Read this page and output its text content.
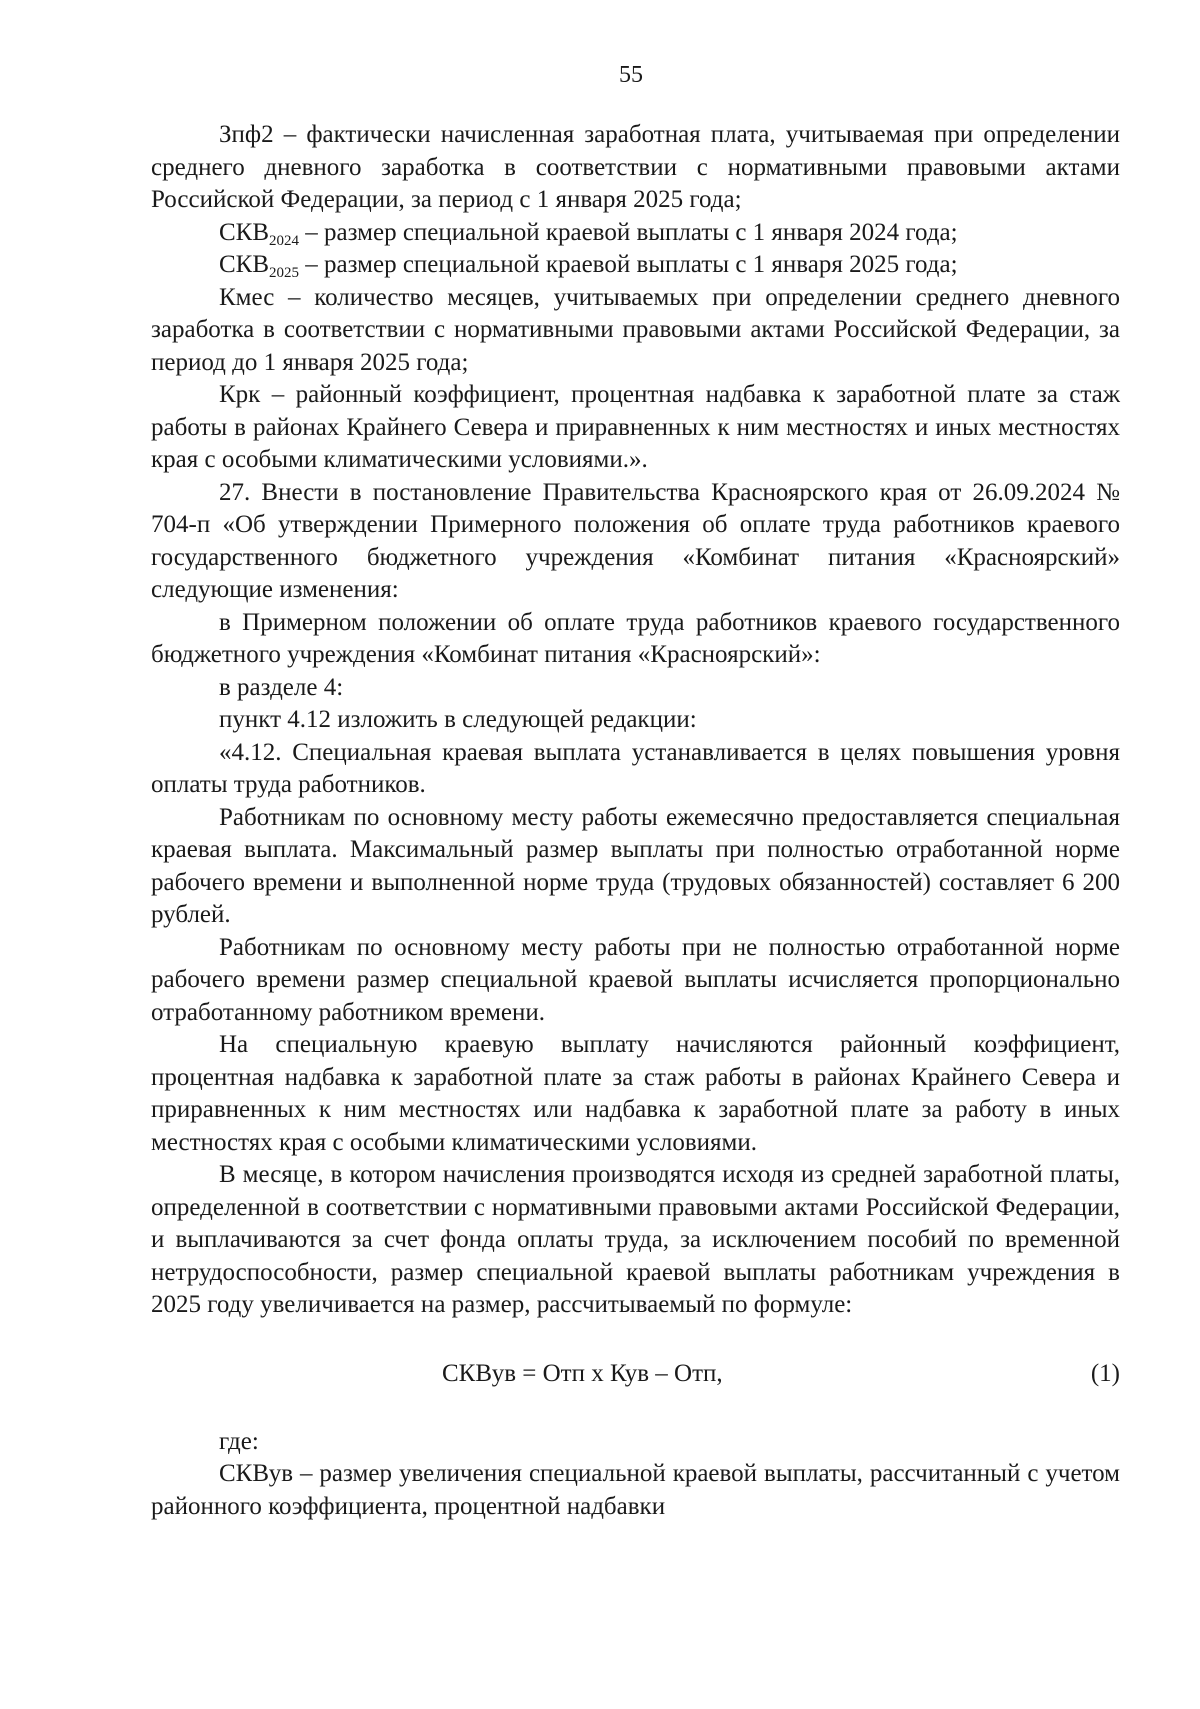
55

Зпф2 – фактически начисленная заработная плата, учитываемая при определении среднего дневного заработка в соответствии с нормативными правовыми актами Российской Федерации, за период с 1 января 2025 года;

$СКВ_{2024}$ – размер специальной краевой выплаты с 1 января 2024 года;

$СКВ_{2025}$ – размер специальной краевой выплаты с 1 января 2025 года;

Кмес – количество месяцев, учитываемых при определении среднего дневного заработка в соответствии с нормативными правовыми актами Российской Федерации, за период до 1 января 2025 года;

Крк – районный коэффициент, процентная надбавка к заработной плате за стаж работы в районах Крайнего Севера и приравненных к ним местностях и иных местностях края с особыми климатическими условиями.».

27. Внести в постановление Правительства Красноярского края от 26.09.2024 № 704-п «Об утверждении Примерного положения об оплате труда работников краевого государственного бюджетного учреждения «Комбинат питания «Красноярский» следующие изменения:

в Примерном положении об оплате труда работников краевого государственного бюджетного учреждения «Комбинат питания «Красноярский»:

в разделе 4:

пункт 4.12 изложить в следующей редакции:

«4.12. Специальная краевая выплата устанавливается в целях повышения уровня оплаты труда работников.

Работникам по основному месту работы ежемесячно предоставляется специальная краевая выплата. Максимальный размер выплаты при полностью отработанной норме рабочего времени и выполненной норме труда (трудовых обязанностей) составляет 6 200 рублей.

Работникам по основному месту работы при не полностью отработанной норме рабочего времени размер специальной краевой выплаты исчисляется пропорционально отработанному работником времени.

На специальную краевую выплату начисляются районный коэффициент, процентная надбавка к заработной плате за стаж работы в районах Крайнего Севера и приравненных к ним местностях или надбавка к заработной плате за работу в иных местностях края с особыми климатическими условиями.

В месяце, в котором начисления производятся исходя из средней заработной платы, определенной в соответствии с нормативными правовыми актами Российской Федерации, и выплачиваются за счет фонда оплаты труда, за исключением пособий по временной нетрудоспособности, размер специальной краевой выплаты работникам учреждения в 2025 году увеличивается на размер, рассчитываемый по формуле:

СКВув = Отп х Кув – Отп,	(1)

где:

СКВув – размер увеличения специальной краевой выплаты, рассчитанный с учетом районного коэффициента, процентной надбавки
